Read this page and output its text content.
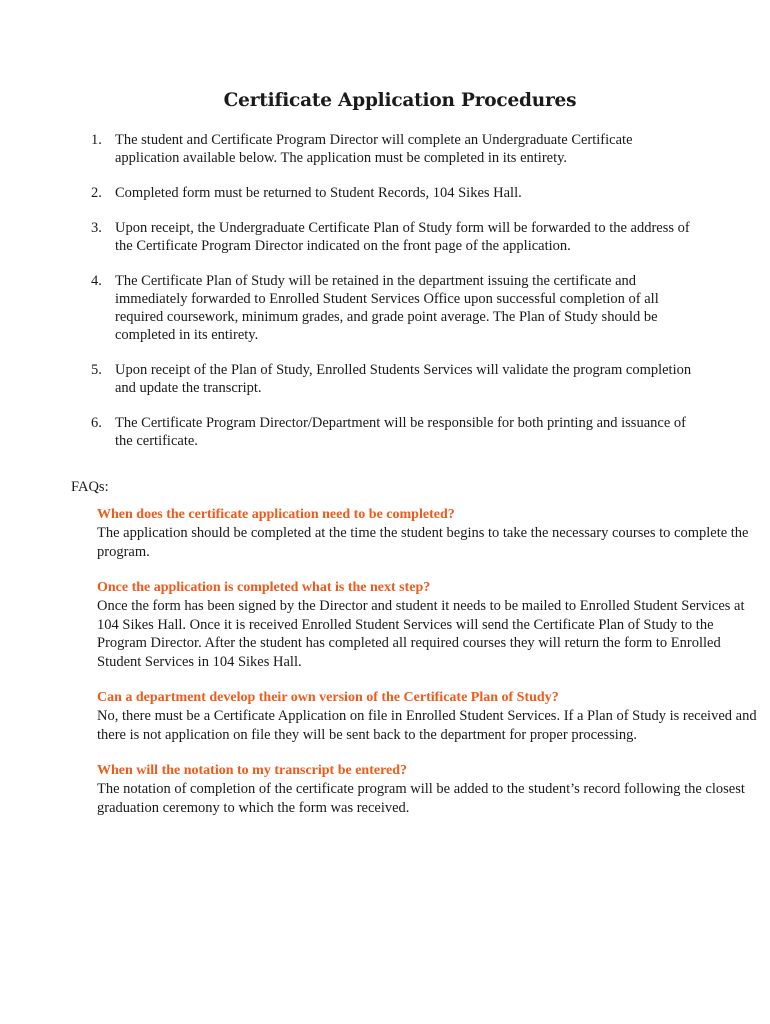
Certificate Application Procedures
1. The student and Certificate Program Director will complete an Undergraduate Certificate application available below. The application must be completed in its entirety.
2. Completed form must be returned to Student Records, 104 Sikes Hall.
3. Upon receipt, the Undergraduate Certificate Plan of Study form will be forwarded to the address of the Certificate Program Director indicated on the front page of the application.
4. The Certificate Plan of Study will be retained in the department issuing the certificate and immediately forwarded to Enrolled Student Services Office upon successful completion of all required coursework, minimum grades, and grade point average. The Plan of Study should be completed in its entirety.
5. Upon receipt of the Plan of Study, Enrolled Students Services will validate the program completion and update the transcript.
6. The Certificate Program Director/Department will be responsible for both printing and issuance of the certificate.

FAQs:

When does the certificate application need to be completed?

The application should be completed at the time the student begins to take the necessary courses to complete the program.

Once the application is completed what is the next step?

Once the form has been signed by the Director and student it needs to be mailed to Enrolled Student Services at 104 Sikes Hall. Once it is received Enrolled Student Services will send the Certificate Plan of Study to the Program Director. After the student has completed all required courses they will return the form to Enrolled Student Services in 104 Sikes Hall.

Can a department develop their own version of the Certificate Plan of Study?

No, there must be a Certificate Application on file in Enrolled Student Services. If a Plan of Study is received and there is not application on file they will be sent back to the department for proper processing.

When will the notation to my transcript be entered?

The notation of completion of the certificate program will be added to the student’s record following the closest graduation ceremony to which the form was received.
